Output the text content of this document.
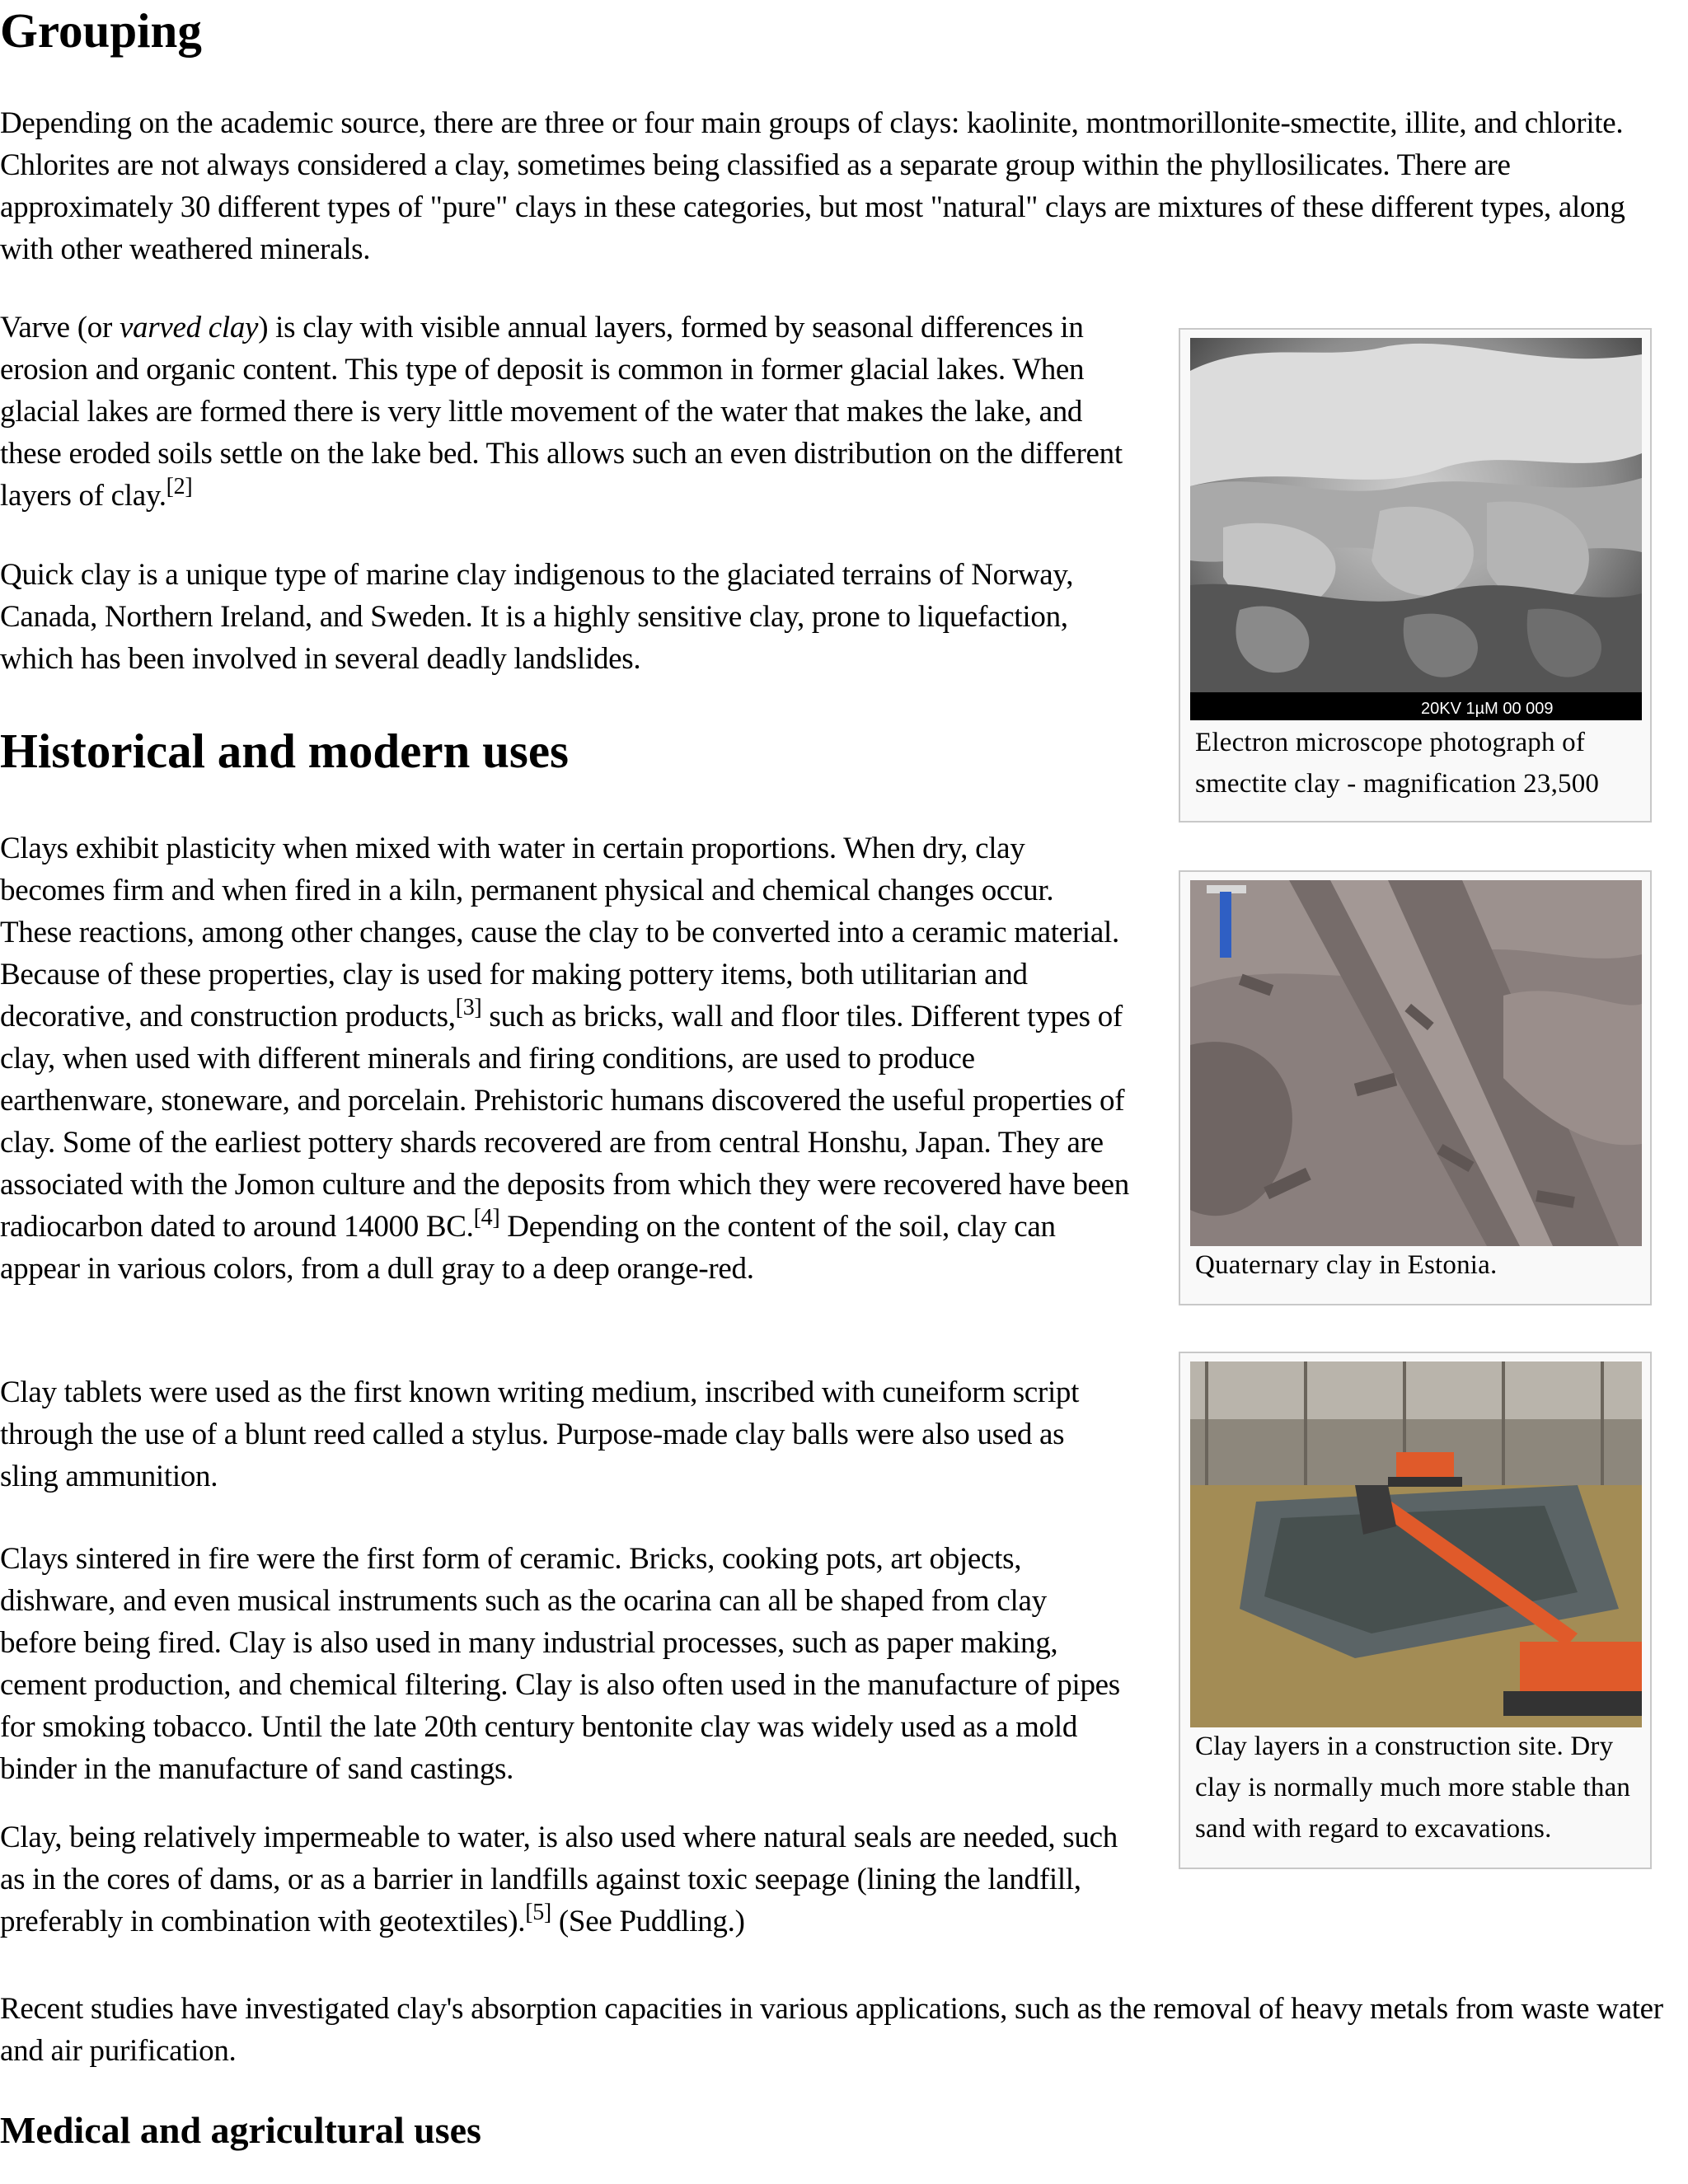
Grouping

Depending on the academic source, there are three or four main groups of clays: kaolinite, montmorillonite-smectite, illite, and chlorite. Chlorites are not always considered a clay, sometimes being classified as a separate group within the phyllosilicates. There are approximately 30 different types of "pure" clays in these categories, but most "natural" clays are mixtures of these different types, along with other weathered minerals.

Varve (or varved clay) is clay with visible annual layers, formed by seasonal differences in erosion and organic content. This type of deposit is common in former glacial lakes. When glacial lakes are formed there is very little movement of the water that makes the lake, and these eroded soils settle on the lake bed. This allows such an even distribution on the different layers of clay.[2]

Quick clay is a unique type of marine clay indigenous to the glaciated terrains of Norway, Canada, Northern Ireland, and Sweden. It is a highly sensitive clay, prone to liquefaction, which has been involved in several deadly landslides.

Historical and modern uses

Clays exhibit plasticity when mixed with water in certain proportions. When dry, clay becomes firm and when fired in a kiln, permanent physical and chemical changes occur. These reactions, among other changes, cause the clay to be converted into a ceramic material. Because of these properties, clay is used for making pottery items, both utilitarian and decorative, and construction products,[3] such as bricks, wall and floor tiles. Different types of clay, when used with different minerals and firing conditions, are used to produce earthenware, stoneware, and porcelain. Prehistoric humans discovered the useful properties of clay. Some of the earliest pottery shards recovered are from central Honshu, Japan. They are associated with the Jomon culture and the deposits from which they were recovered have been radiocarbon dated to around 14000 BC.[4] Depending on the content of the soil, clay can appear in various colors, from a dull gray to a deep orange-red.

Clay tablets were used as the first known writing medium, inscribed with cuneiform script through the use of a blunt reed called a stylus. Purpose-made clay balls were also used as sling ammunition.

Clays sintered in fire were the first form of ceramic. Bricks, cooking pots, art objects, dishware, and even musical instruments such as the ocarina can all be shaped from clay before being fired. Clay is also used in many industrial processes, such as paper making, cement production, and chemical filtering. Clay is also often used in the manufacture of pipes for smoking tobacco. Until the late 20th century bentonite clay was widely used as a mold binder in the manufacture of sand castings.

Clay, being relatively impermeable to water, is also used where natural seals are needed, such as in the cores of dams, or as a barrier in landfills against toxic seepage (lining the landfill, preferably in combination with geotextiles).[5] (See Puddling.)

Recent studies have investigated clay's absorption capacities in various applications, such as the removal of heavy metals from waste water and air purification.

Medical and agricultural uses
20KV 1µM 00 009
Electron microscope photograph of smectite clay - magnification 23,500
Quaternary clay in Estonia.
Clay layers in a construction site. Dry clay is normally much more stable than sand with regard to excavations.
